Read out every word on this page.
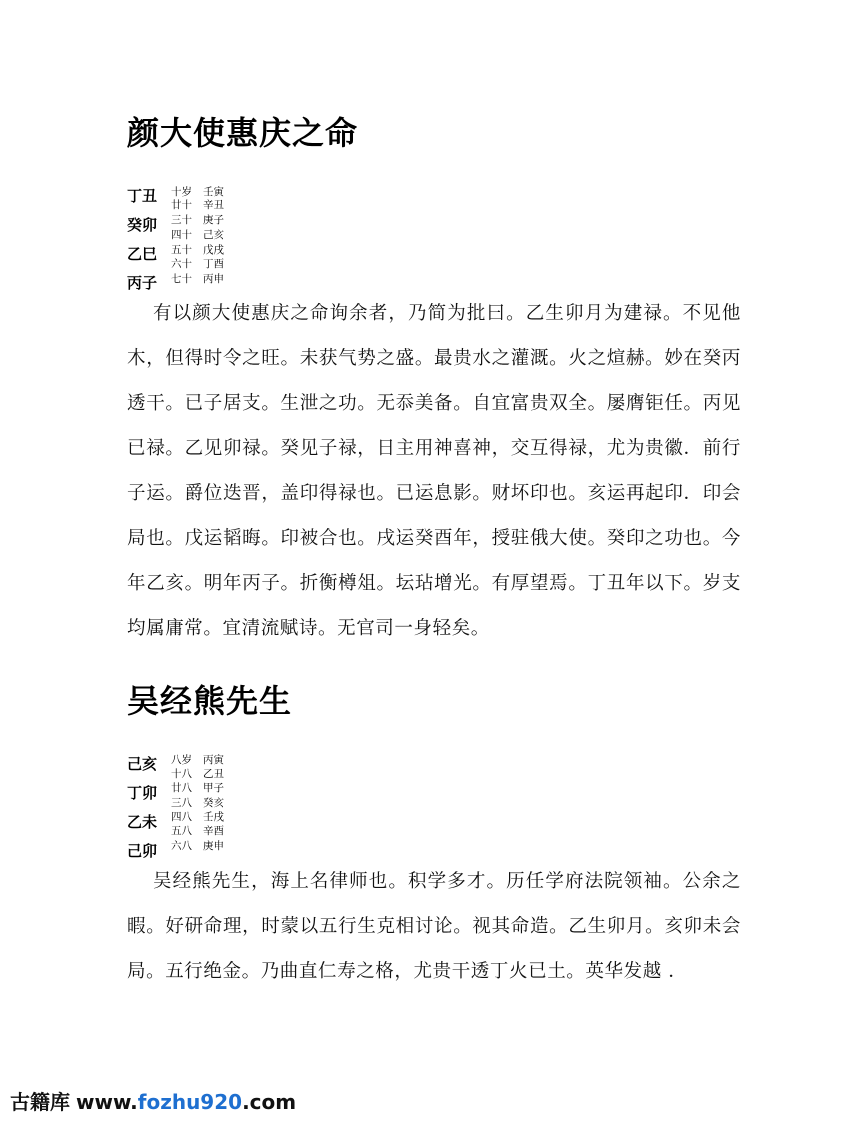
颜大使惠庆之命
丁丑
癸卯
乙巳
丙子
十岁 壬寅
廿十 辛丑
三十 庚子
四十 己亥
五十 戊戌
六十 丁酉
七十 丙申

有以颜大使惠庆之命询余者，乃简为批曰。乙生卯月为建禄。不见他木，但得时令之旺。未获气势之盛。最贵水之灌溉。火之煊赫。妙在癸丙透干。已子居支。生泄之功。无忝美备。自宜富贵双全。屡膺钜任。丙见已禄。乙见卯禄。癸见子禄，日主用神喜神，交互得禄，尤为贵徽．前行子运。爵位迭晋，盖印得禄也。已运息影。财坏印也。亥运再起印．印会局也。戊运韬晦。印被合也。戌运癸酉年，授驻俄大使。癸印之功也。今年乙亥。明年丙子。折衡樽俎。坛玷增光。有厚望焉。丁丑年以下。岁支均属庸常。宜清流赋诗。无官司一身轻矣。

吴经熊先生
己亥
丁卯
乙未
己卯
八岁 丙寅
十八 乙丑
廿八 甲子
三八 癸亥
四八 壬戌
五八 辛酉
六八 庚申

吴经熊先生，海上名律师也。积学多才。历任学府法院领袖。公余之暇。好研命理，时蒙以五行生克相讨论。视其命造。乙生卯月。亥卯未会局。五行绝金。乃曲直仁寿之格，尤贵干透丁火已土。英华发越 ．

古籍库 www.fozhu920.com
